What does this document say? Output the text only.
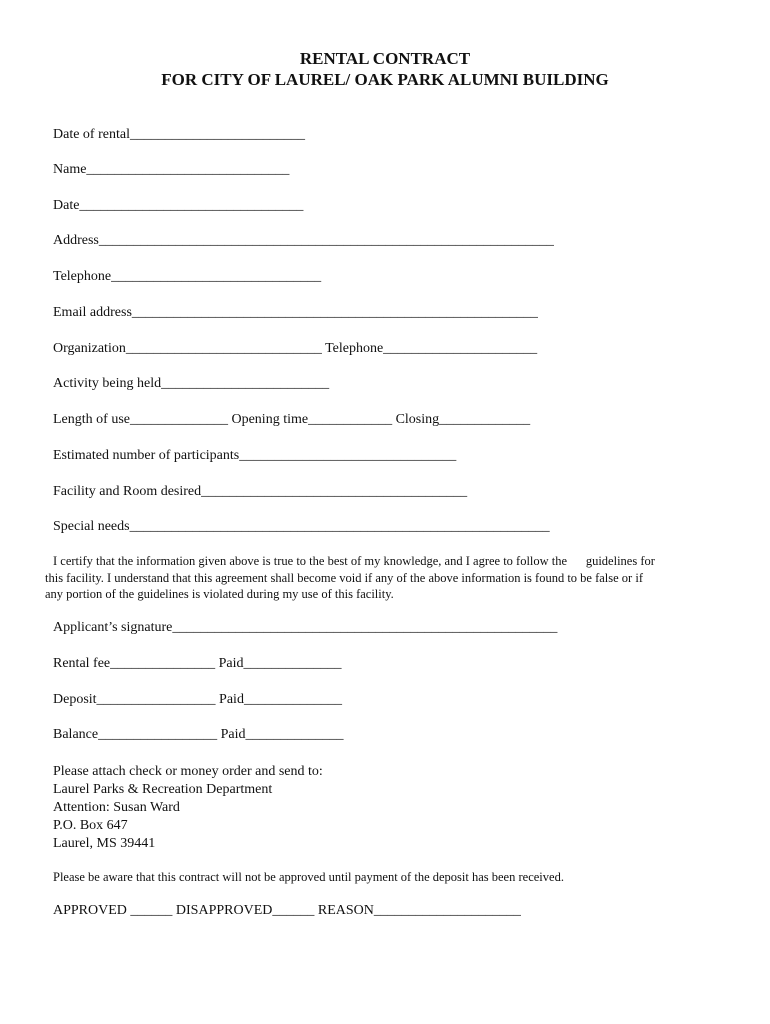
RENTAL CONTRACT
FOR CITY OF LAUREL/ OAK PARK ALUMNI BUILDING
Date of rental_________________________
Name_____________________________
Date________________________________
Address_________________________________________________________________
Telephone______________________________
Email address__________________________________________________________
Organization____________________________ Telephone______________________
Activity being held________________________
Length of use______________ Opening time____________ Closing_____________
Estimated number of participants_______________________________
Facility and Room desired______________________________________
Special needs____________________________________________________________
I certify that the information given above is true to the best of my knowledge, and I agree to follow the      guidelines for
this facility. I understand that this agreement shall become void if any of the above information is found to be false or if
any portion of the guidelines is violated during my use of this facility.
Applicant’s signature_______________________________________________________
Rental fee_______________ Paid______________
Deposit_________________ Paid______________
Balance_________________ Paid______________
Please attach check or money order and send to:
Laurel Parks & Recreation Department
Attention: Susan Ward
P.O. Box 647
Laurel, MS 39441
Please be aware that this contract will not be approved until payment of the deposit has been received.
APPROVED ______ DISAPPROVED______ REASON_____________________
